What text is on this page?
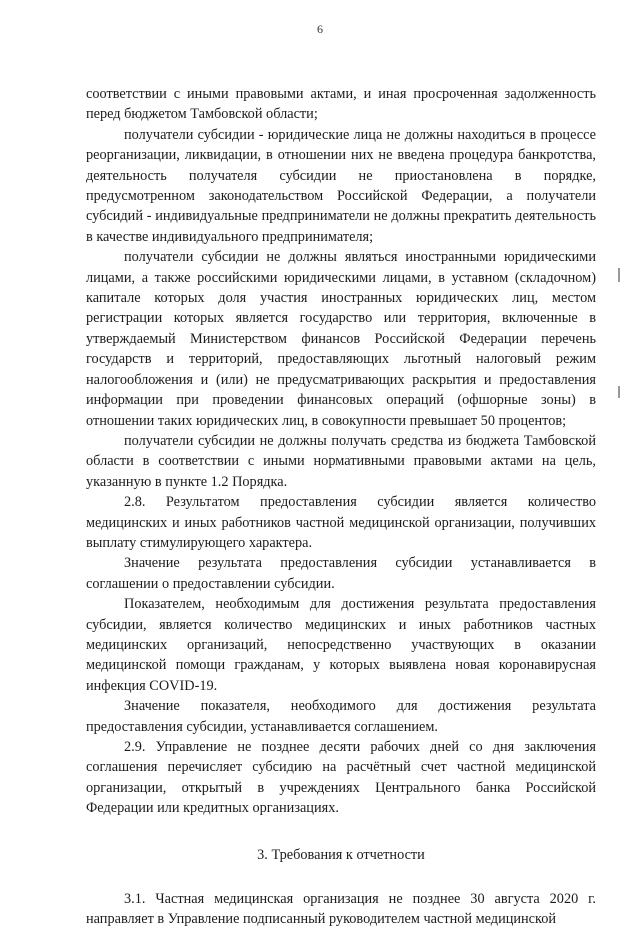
6

соответствии с иными правовыми актами, и иная просроченная задолженность перед бюджетом Тамбовской области;

получатели субсидии - юридические лица не должны находиться в процессе реорганизации, ликвидации, в отношении них не введена процедура банкротства, деятельность получателя субсидии не приостановлена в порядке, предусмотренном законодательством Российской Федерации, а получатели субсидий - индивидуальные предприниматели не должны прекратить деятельность в качестве индивидуального предпринимателя;

получатели субсидии не должны являться иностранными юридическими лицами, а также российскими юридическими лицами, в уставном (складочном) капитале которых доля участия иностранных юридических лиц, местом регистрации которых является государство или территория, включенные в утверждаемый Министерством финансов Российской Федерации перечень государств и территорий, предоставляющих льготный налоговый режим налогообложения и (или) не предусматривающих раскрытия и предоставления информации при проведении финансовых операций (офшорные зоны) в отношении таких юридических лиц, в совокупности превышает 50 процентов;

получатели субсидии не должны получать средства из бюджета Тамбовской области в соответствии с иными нормативными правовыми актами на цель, указанную в пункте 1.2 Порядка.

2.8. Результатом предоставления субсидии является количество медицинских и иных работников частной медицинской организации, получивших выплату стимулирующего характера.

Значение результата предоставления субсидии устанавливается в соглашении о предоставлении субсидии.

Показателем, необходимым для достижения результата предоставления субсидии, является количество медицинских и иных работников частных медицинских организаций, непосредственно участвующих в оказании медицинской помощи гражданам, у которых выявлена новая коронавирусная инфекция COVID-19.

Значение показателя, необходимого для достижения результата предоставления субсидии, устанавливается соглашением.

2.9. Управление не позднее десяти рабочих дней со дня заключения соглашения перечисляет субсидию на расчётный счет частной медицинской организации, открытый в учреждениях Центрального банка Российской Федерации или кредитных организациях.

3. Требования к отчетности

3.1. Частная медицинская организация не позднее 30 августа 2020 г. направляет в Управление подписанный руководителем частной медицинской
